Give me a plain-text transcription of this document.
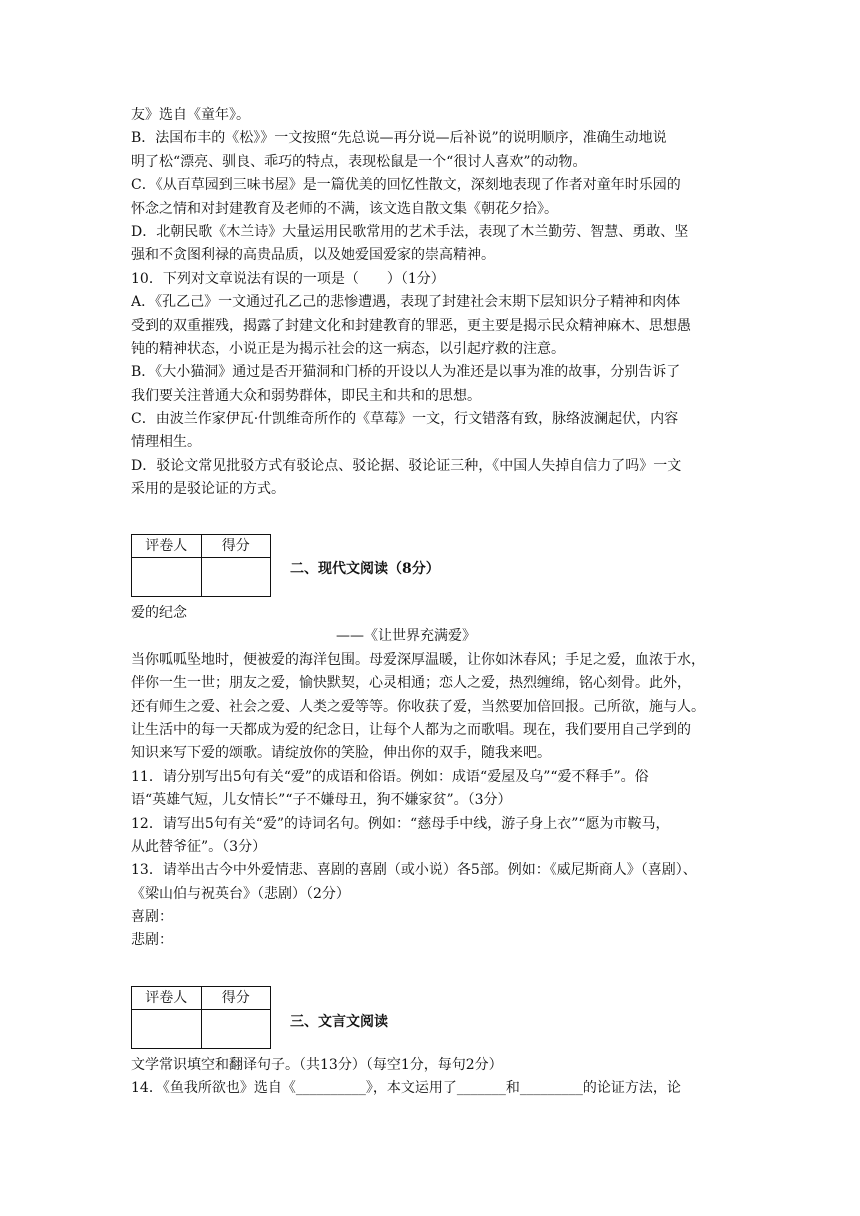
友》选自《童年》。
B．法国布丰的《松》》一文按照“先总说—再分说—后补说”的说明顺序，准确生动地说
明了松“漂亮、驯良、乖巧的特点，表现松鼠是一个“很讨人喜欢”的动物。
C．《从百草园到三味书屋》是一篇优美的回忆性散文，深刻地表现了作者对童年时乐园的
怀念之情和对封建教育及老师的不满，该文选自散文集《朝花夕拾》。
D．北朝民歌《木兰诗》大量运用民歌常用的艺术手法，表现了木兰勤劳、智慧、勇敢、坚
强和不贪图利禄的高贵品质，以及她爱国爱家的崇高精神。
10．下列对文章说法有误的一项是（　　）（1分）
A．《孔乙己》一文通过孔乙己的悲惨遭遇，表现了封建社会末期下层知识分子精神和肉体
受到的双重摧残，揭露了封建文化和封建教育的罪恶，更主要是揭示民众精神麻木、思想愚
钝的精神状态，小说正是为揭示社会的这一病态，以引起疗救的注意。
B．《大小猫洞》通过是否开猫洞和门桥的开设以人为准还是以事为准的故事，分别告诉了
我们要关注普通大众和弱势群体，即民主和共和的思想。
C．由波兰作家伊瓦·什凯维奇所作的《草莓》一文，行文错落有致，脉络波澜起伏，内容
情理相生。
D．驳论文常见批驳方式有驳论点、驳论据、驳论证三种，《中国人失掉自信力了吗》一文
采用的是驳论证的方式。
评卷人	得分

二、现代文阅读（8分）
爱的纪念
——《让世界充满爱》
当你呱呱坠地时，便被爱的海洋包围。母爱深厚温暖，让你如沐春风；手足之爱，血浓于水，
伴你一生一世；朋友之爱，愉快默契，心灵相通；恋人之爱，热烈缠绵，铭心刻骨。此外，
还有师生之爱、社会之爱、人类之爱等等。你收获了爱，当然要加倍回报。己所欲，施与人。
让生活中的每一天都成为爱的纪念日，让每个人都为之而歌唱。现在，我们要用自己学到的
知识来写下爱的颂歌。请绽放你的笑脸，伸出你的双手，随我来吧。
11．请分别写出5句有关“爱”的成语和俗语。例如：成语“爱屋及乌”“爱不释手”。俗
语“英雄气短，儿女情长”“子不嫌母丑，狗不嫌家贫”。（3分）
12．请写出5句有关“爱”的诗词名句。例如：“慈母手中线，游子身上衣”“愿为市鞍马，
从此替爷征”。（3分）
13．请举出古今中外爱情悲、喜剧的喜剧（或小说）各5部。例如：《威尼斯商人》（喜剧）、
《梁山伯与祝英台》（悲剧）（2分）
喜剧：
悲剧：
评卷人	得分

三、文言文阅读
文学常识填空和翻译句子。（共13分）（每空1分，每句2分）
14．《鱼我所欲也》选自《__________》，本文运用了_______和_________的论证方法，论
